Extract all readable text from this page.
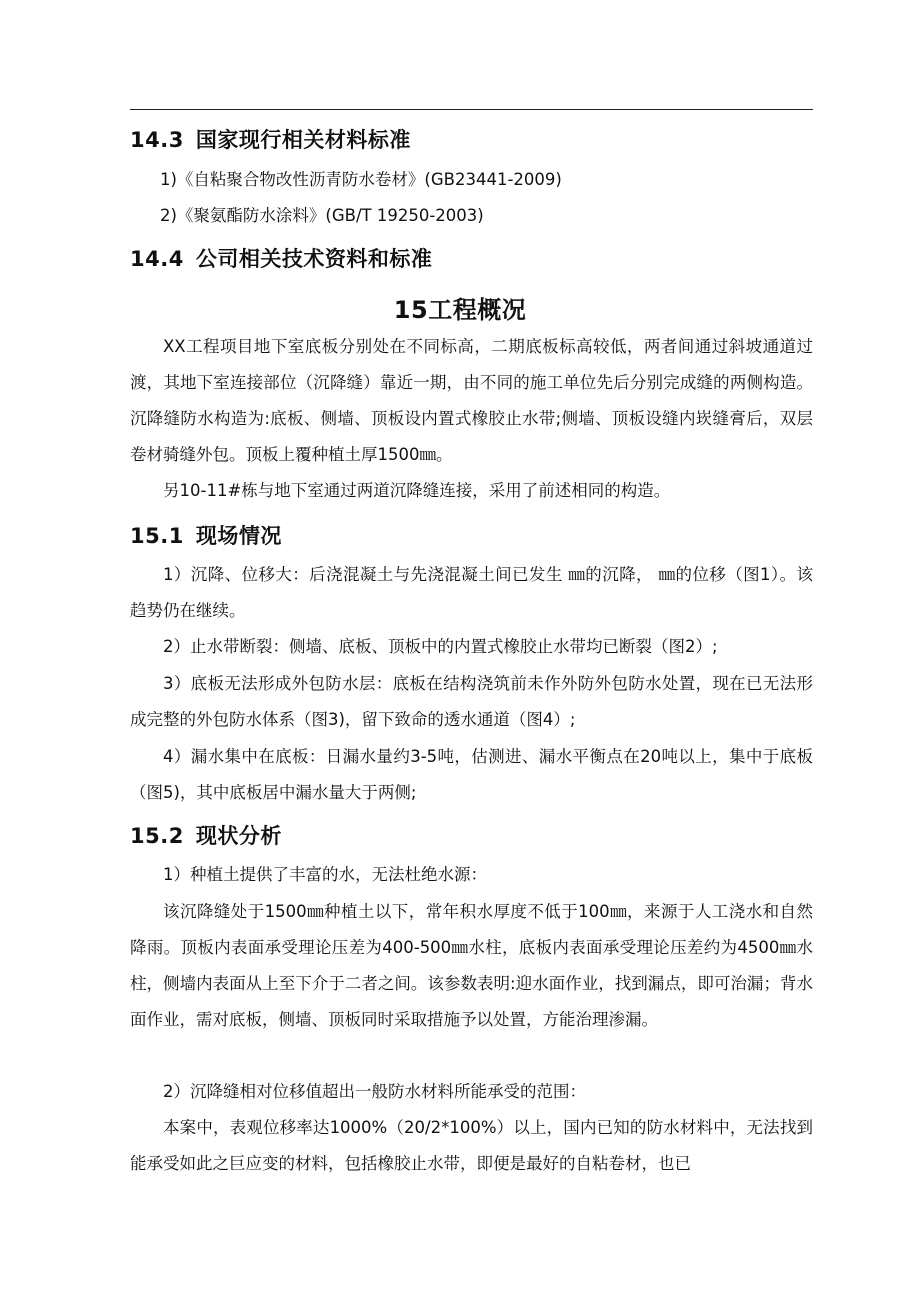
14.3 国家现行相关材料标准
1)《自粘聚合物改性沥青防水卷材》(GB23441-2009)
2)《聚氨酯防水涂料》(GB/T 19250-2003)
14.4 公司相关技术资料和标准
15工程概况
XX工程项目地下室底板分别处在不同标高，二期底板标高较低，两者间通过斜坡通道过渡，其地下室连接部位（沉降缝）靠近一期，由不同的施工单位先后分别完成缝的两侧构造。沉降缝防水构造为:底板、侧墙、顶板设内置式橡胶止水带;侧墙、顶板设缝内崁缝膏后，双层卷材骑缝外包。顶板上覆种植土厚1500㎜。
另10-11#栋与地下室通过两道沉降缝连接，采用了前述相同的构造。
15.1 现场情况
1）沉降、位移大：后浇混凝土与先浇混凝土间已发生 ㎜的沉降， ㎜的位移（图1）。该趋势仍在继续。
2）止水带断裂：侧墙、底板、顶板中的内置式橡胶止水带均已断裂（图2）;
3）底板无法形成外包防水层：底板在结构浇筑前未作外防外包防水处置，现在已无法形成完整的外包防水体系（图3)，留下致命的透水通道（图4）;
4）漏水集中在底板：日漏水量约3-5吨，估测进、漏水平衡点在20吨以上，集中于底板（图5)，其中底板居中漏水量大于两侧;
15.2 现状分析
1）种植土提供了丰富的水，无法杜绝水源：
该沉降缝处于1500㎜种植土以下，常年积水厚度不低于100㎜，来源于人工浇水和自然降雨。顶板内表面承受理论压差为400-500㎜水柱，底板内表面承受理论压差约为4500㎜水柱，侧墙内表面从上至下介于二者之间。该参数表明:迎水面作业，找到漏点，即可治漏；背水面作业，需对底板，侧墙、顶板同时采取措施予以处置，方能治理渗漏。
2）沉降缝相对位移值超出一般防水材料所能承受的范围：
本案中，表观位移率达1000%（20/2*100%）以上，国内已知的防水材料中，无法找到能承受如此之巨应变的材料，包括橡胶止水带，即便是最好的自粘卷材，也已
